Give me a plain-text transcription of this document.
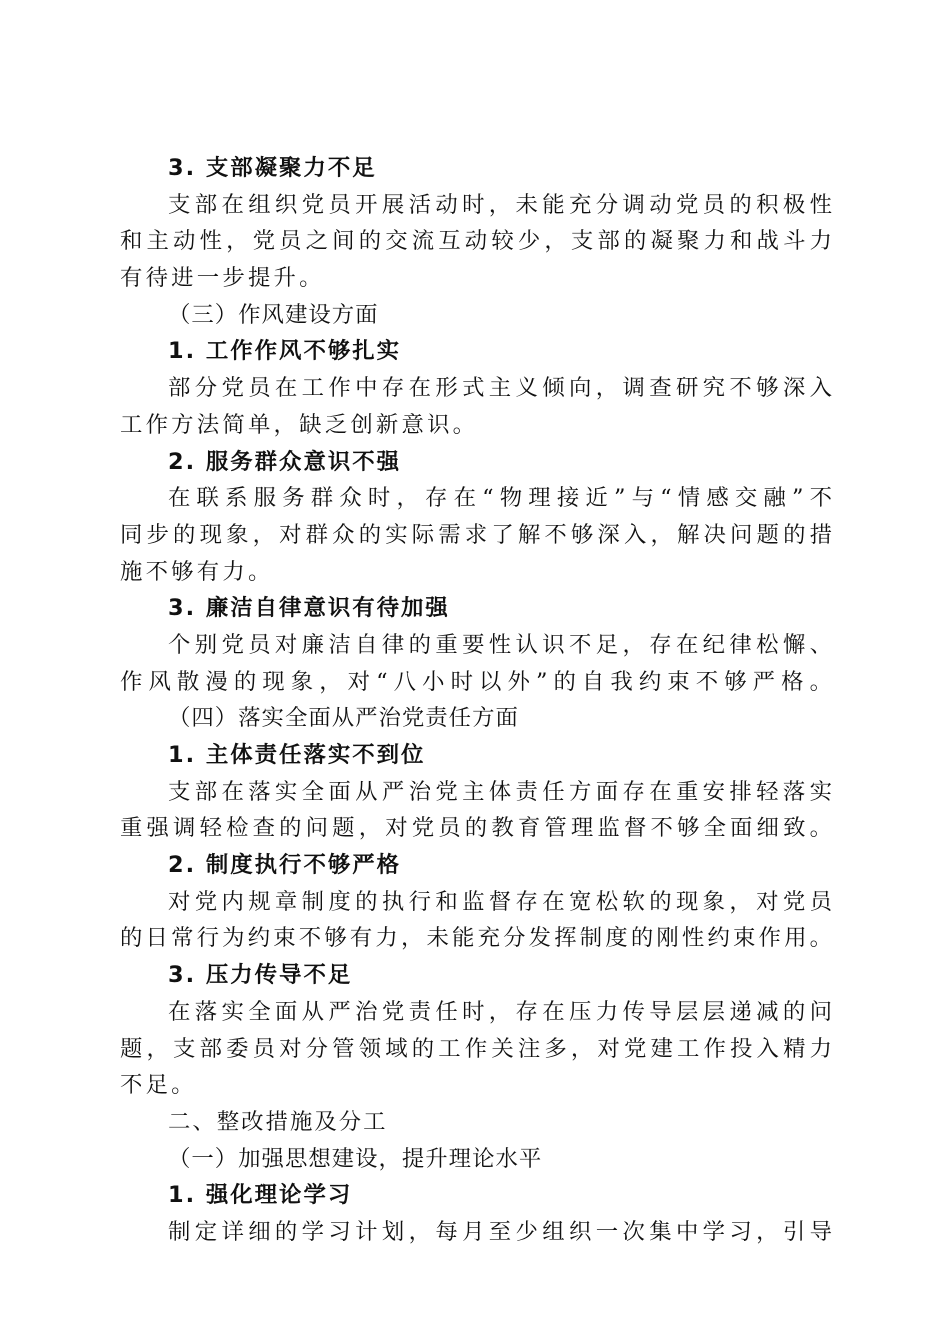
3. 支部凝聚力不足

支部在组织党员开展活动时，未能充分调动党员的积极性

和主动性，党员之间的交流互动较少，支部的凝聚力和战斗力

有待进一步提升。

（三）作风建设方面

1. 工作作风不够扎实

部分党员在工作中存在形式主义倾向，调查研究不够深入

工作方法简单，缺乏创新意识。

2. 服务群众意识不强

在联系服务群众时，存在“物理接近”与“情感交融”不

同步的现象，对群众的实际需求了解不够深入，解决问题的措

施不够有力。

3. 廉洁自律意识有待加强

个别党员对廉洁自律的重要性认识不足，存在纪律松懈、

作风散漫的现象，对“八小时以外”的自我约束不够严格。

（四）落实全面从严治党责任方面

1. 主体责任落实不到位

支部在落实全面从严治党主体责任方面存在重安排轻落实

重强调轻检查的问题，对党员的教育管理监督不够全面细致。

2. 制度执行不够严格

对党内规章制度的执行和监督存在宽松软的现象，对党员

的日常行为约束不够有力，未能充分发挥制度的刚性约束作用。

3. 压力传导不足

在落实全面从严治党责任时，存在压力传导层层递减的问

题，支部委员对分管领域的工作关注多，对党建工作投入精力

不足。

二、整改措施及分工

（一）加强思想建设，提升理论水平

1. 强化理论学习

制定详细的学习计划，每月至少组织一次集中学习，引导
